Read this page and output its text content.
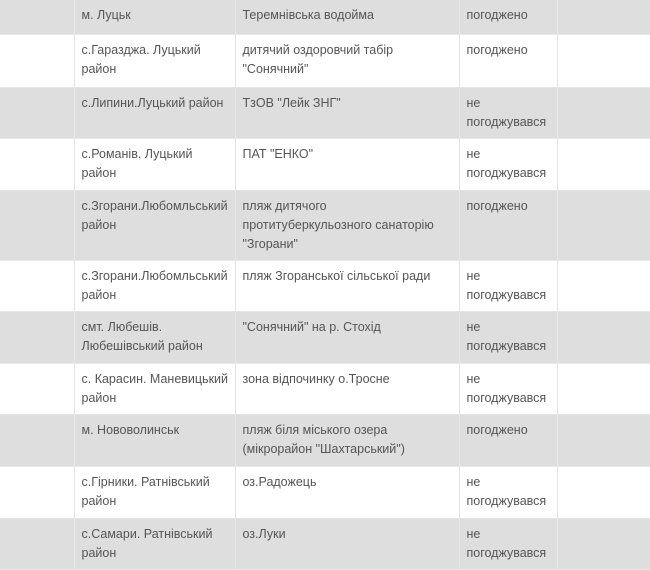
	м. Луцьк	Теремнівська водойма	погоджено	
	с.Гаразджа. Луцький район	дитячий оздоровчий табір "Сонячний"	погоджено	
	с.Липини.Луцький район	ТзОВ "Лейк ЗНГ"	не погоджувався	
	с.Романів. Луцький район	ПАТ "ЕНКО"	не погоджувався	
	с.Згорани.Любомльський район	пляж дитячого протитуберкульозного санаторію "Згорани"	погоджено	
	с.Згорани.Любомльський район	пляж Згоранської сільської ради	не погоджувався	
	смт. Любешів. Любешівський район	"Сонячний" на р. Стохід	не погоджувався	
	с. Карасин. Маневицький район	зона відпочинку о.Тросне	не погоджувався	
	м. Нововолинськ	пляж біля міського озера (мікрорайон "Шахтарський")	погоджено	
	с.Гірники. Ратнівський район	оз.Радожець	не погоджувався	
	с.Самари. Ратнівський район	оз.Луки	не погоджувався	
